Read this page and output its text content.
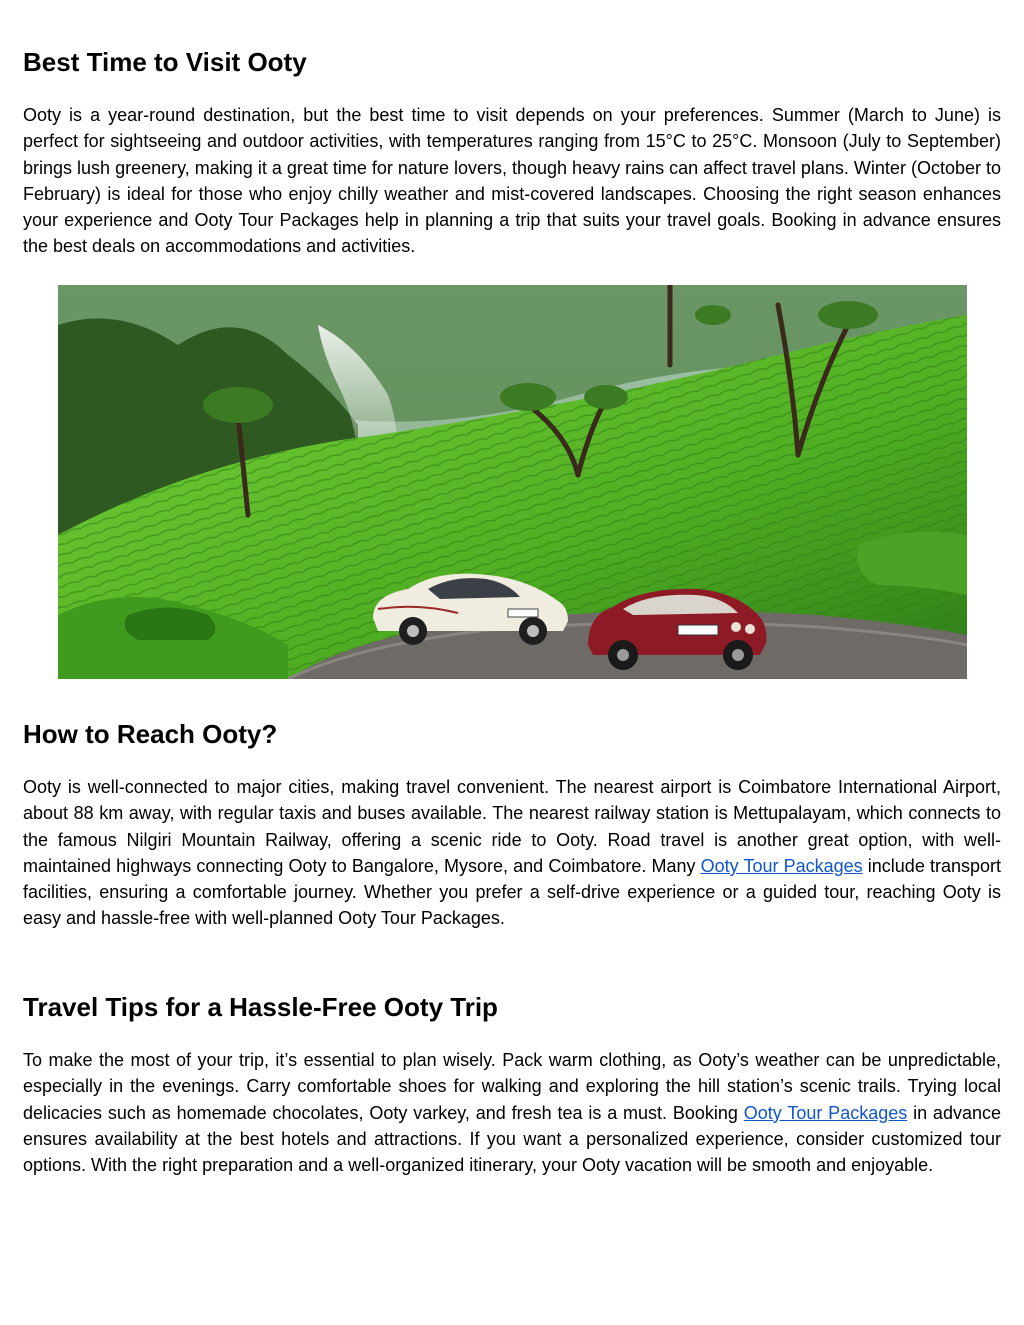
Best Time to Visit Ooty

Ooty is a year-round destination, but the best time to visit depends on your preferences. Summer (March to June) is perfect for sightseeing and outdoor activities, with temperatures ranging from 15°C to 25°C. Monsoon (July to September) brings lush greenery, making it a great time for nature lovers, though heavy rains can affect travel plans. Winter (October to February) is ideal for those who enjoy chilly weather and mist-covered landscapes. Choosing the right season enhances your experience and Ooty Tour Packages help in planning a trip that suits your travel goals. Booking in advance ensures the best deals on accommodations and activities.

How to Reach Ooty?

Ooty is well-connected to major cities, making travel convenient. The nearest airport is Coimbatore International Airport, about 88 km away, with regular taxis and buses available. The nearest railway station is Mettupalayam, which connects to the famous Nilgiri Mountain Railway, offering a scenic ride to Ooty. Road travel is another great option, with well-maintained highways connecting Ooty to Bangalore, Mysore, and Coimbatore. Many Ooty Tour Packages include transport facilities, ensuring a comfortable journey. Whether you prefer a self-drive experience or a guided tour, reaching Ooty is easy and hassle-free with well-planned Ooty Tour Packages.

Travel Tips for a Hassle-Free Ooty Trip

To make the most of your trip, it’s essential to plan wisely. Pack warm clothing, as Ooty’s weather can be unpredictable, especially in the evenings. Carry comfortable shoes for walking and exploring the hill station’s scenic trails. Trying local delicacies such as homemade chocolates, Ooty varkey, and fresh tea is a must. Booking Ooty Tour Packages in advance ensures availability at the best hotels and attractions. If you want a personalized experience, consider customized tour options. With the right preparation and a well-organized itinerary, your Ooty vacation will be smooth and enjoyable.
